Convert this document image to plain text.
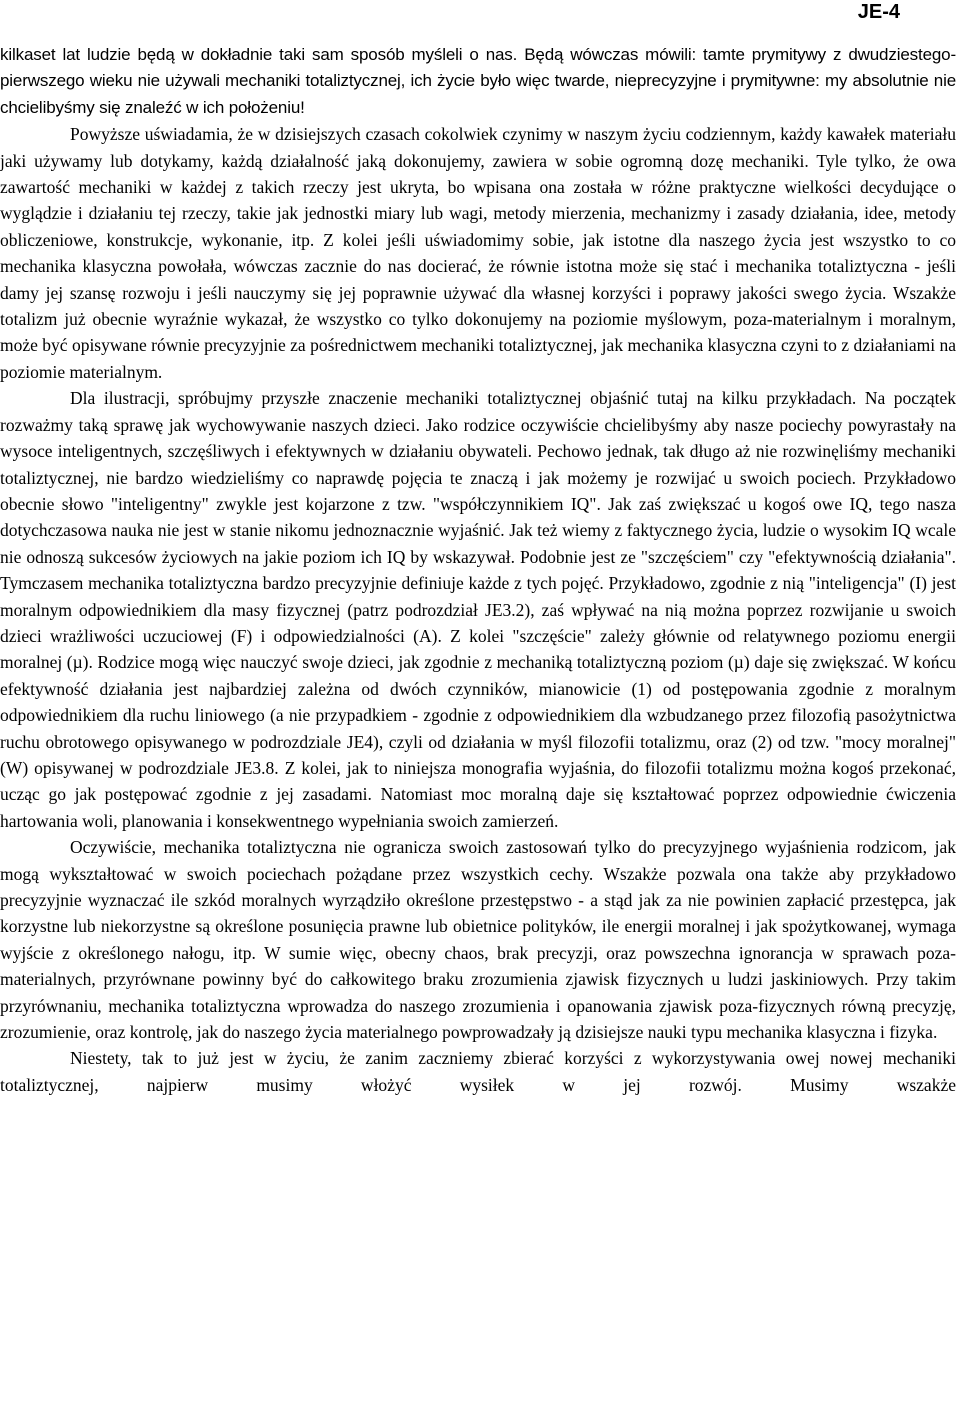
JE-4

kilkaset lat ludzie będą w dokładnie taki sam sposób myśleli o nas. Będą wówczas mówili: tamte prymitywy z dwudziestego-pierwszego wieku nie używali mechaniki totaliztycznej, ich życie było więc twarde, nieprecyzyjne i prymitywne: my absolutnie nie chcielibyśmy się znaleźć w ich położeniu!

Powyższe uświadamia, że w dzisiejszych czasach cokolwiek czynimy w naszym życiu codziennym, każdy kawałek materiału jaki używamy lub dotykamy, każdą działalność jaką dokonujemy, zawiera w sobie ogromną dozę mechaniki. Tyle tylko, że owa zawartość mechaniki w każdej z takich rzeczy jest ukryta, bo wpisana ona została w różne praktyczne wielkości decydujące o wyglądzie i działaniu tej rzeczy, takie jak jednostki miary lub wagi, metody mierzenia, mechanizmy i zasady działania, idee, metody obliczeniowe, konstrukcje, wykonanie, itp. Z kolei jeśli uświadomimy sobie, jak istotne dla naszego życia jest wszystko to co mechanika klasyczna powołała, wówczas zacznie do nas docierać, że równie istotna może się stać i mechanika totaliztyczna - jeśli damy jej szansę rozwoju i jeśli nauczymy się jej poprawnie używać dla własnej korzyści i poprawy jakości swego życia. Wszakże totalizm już obecnie wyraźnie wykazał, że wszystko co tylko dokonujemy na poziomie myślowym, poza-materialnym i moralnym, może być opisywane równie precyzyjnie za pośrednictwem mechaniki totaliztycznej, jak mechanika klasyczna czyni to z działaniami na poziomie materialnym.

Dla ilustracji, spróbujmy przyszłe znaczenie mechaniki totaliztycznej objaśnić tutaj na kilku przykładach. Na początek rozważmy taką sprawę jak wychowywanie naszych dzieci. Jako rodzice oczywiście chcielibyśmy aby nasze pociechy powyrastały na wysoce inteligentnych, szczęśliwych i efektywnych w działaniu obywateli. Pechowo jednak, tak długo aż nie rozwinęliśmy mechaniki totaliztycznej, nie bardzo wiedzieliśmy co naprawdę pojęcia te znaczą i jak możemy je rozwijać u swoich pociech. Przykładowo obecnie słowo "inteligentny" zwykle jest kojarzone z tzw. "współczynnikiem IQ". Jak zaś zwiększać u kogoś owe IQ, tego nasza dotychczasowa nauka nie jest w stanie nikomu jednoznacznie wyjaśnić. Jak też wiemy z faktycznego życia, ludzie o wysokim IQ wcale nie odnoszą sukcesów życiowych na jakie poziom ich IQ by wskazywał. Podobnie jest ze "szczęściem" czy "efektywnością działania". Tymczasem mechanika totaliztyczna bardzo precyzyjnie definiuje każde z tych pojęć. Przykładowo, zgodnie z nią "inteligencja" (I) jest moralnym odpowiednikiem dla masy fizycznej (patrz podrozdział JE3.2), zaś wpływać na nią można poprzez rozwijanie u swoich dzieci wrażliwości uczuciowej (F) i odpowiedzialności (A). Z kolei "szczęście" zależy głównie od relatywnego poziomu energii moralnej (µ). Rodzice mogą więc nauczyć swoje dzieci, jak zgodnie z mechaniką totaliztyczną poziom (µ) daje się zwiększać. W końcu efektywność działania jest najbardziej zależna od dwóch czynników, mianowicie (1) od postępowania zgodnie z moralnym odpowiednikiem dla ruchu liniowego (a nie przypadkiem - zgodnie z odpowiednikiem dla wzbudzanego przez filozofią pasożytnictwa ruchu obrotowego opisywanego w podrozdziale JE4), czyli od działania w myśl filozofii totalizmu, oraz (2) od tzw. "mocy moralnej" (W) opisywanej w podrozdziale JE3.8. Z kolei, jak to niniejsza monografia wyjaśnia, do filozofii totalizmu można kogoś przekonać, ucząc go jak postępować zgodnie z jej zasadami. Natomiast moc moralną daje się kształtować poprzez odpowiednie ćwiczenia hartowania woli, planowania i konsekwentnego wypełniania swoich zamierzeń.

Oczywiście, mechanika totaliztyczna nie ogranicza swoich zastosowań tylko do precyzyjnego wyjaśnienia rodzicom, jak mogą wykształtować w swoich pociechach pożądane przez wszystkich cechy. Wszakże pozwala ona także aby przykładowo precyzyjnie wyznaczać ile szkód moralnych wyrządziło określone przestępstwo - a stąd jak za nie powinien zapłacić przestępca, jak korzystne lub niekorzystne są określone posunięcia prawne lub obietnice polityków, ile energii moralnej i jak spożytkowanej, wymaga wyjście z określonego nałogu, itp. W sumie więc, obecny chaos, brak precyzji, oraz powszechna ignorancja w sprawach poza-materialnych, przyrównane powinny być do całkowitego braku zrozumienia zjawisk fizycznych u ludzi jaskiniowych. Przy takim przyrównaniu, mechanika totaliztyczna wprowadza do naszego zrozumienia i opanowania zjawisk poza-fizycznych równą precyzję, zrozumienie, oraz kontrolę, jak do naszego życia materialnego powprowadzały ją dzisiejsze nauki typu mechanika klasyczna i fizyka.

Niestety, tak to już jest w życiu, że zanim zaczniemy zbierać korzyści z wykorzystywania owej nowej mechaniki totaliztycznej, najpierw musimy włożyć wysiłek w jej rozwój. Musimy wszakże
